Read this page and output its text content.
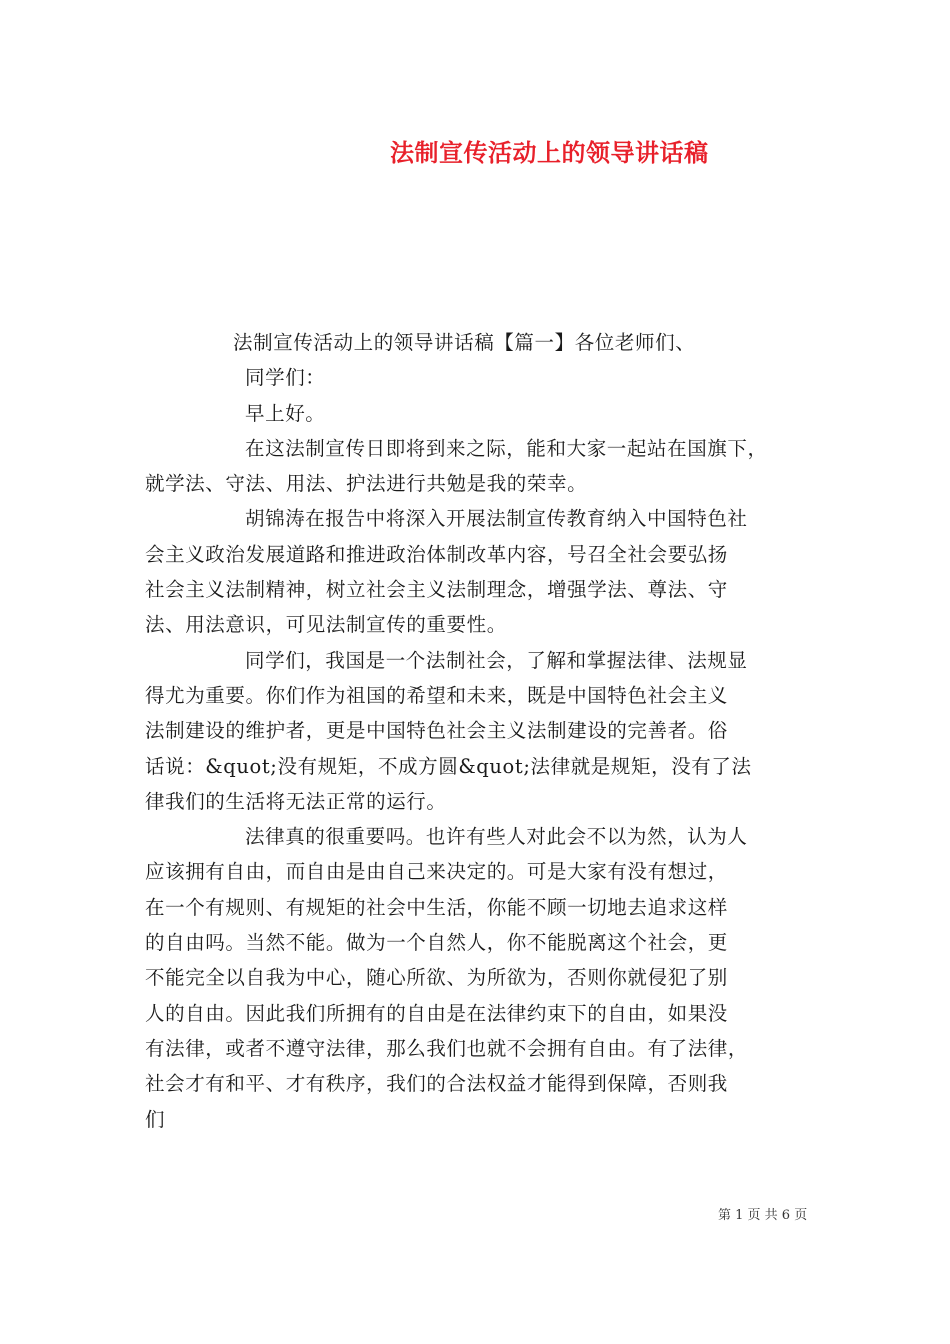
法制宣传活动上的领导讲话稿
法制宣传活动上的领导讲话稿【篇一】各位老师们、
同学们：
早上好。
在这法制宣传日即将到来之际，能和大家一起站在国旗下，
就学法、守法、用法、护法进行共勉是我的荣幸。
胡锦涛在报告中将深入开展法制宣传教育纳入中国特色社
会主义政治发展道路和推进政治体制改革内容，号召全社会要弘扬
社会主义法制精神，树立社会主义法制理念，增强学法、尊法、守
法、用法意识，可见法制宣传的重要性。
同学们，我国是一个法制社会，了解和掌握法律、法规显
得尤为重要。你们作为祖国的希望和未来，既是中国特色社会主义
法制建设的维护者，更是中国特色社会主义法制建设的完善者。俗
话说：&quot;没有规矩，不成方圆&quot;法律就是规矩，没有了法
律我们的生活将无法正常的运行。
法律真的很重要吗。也许有些人对此会不以为然，认为人
应该拥有自由，而自由是由自己来决定的。可是大家有没有想过，
在一个有规则、有规矩的社会中生活，你能不顾一切地去追求这样
的自由吗。当然不能。做为一个自然人，你不能脱离这个社会，更
不能完全以自我为中心，随心所欲、为所欲为，否则你就侵犯了别
人的自由。因此我们所拥有的自由是在法律约束下的自由，如果没
有法律，或者不遵守法律，那么我们也就不会拥有自由。有了法律，
社会才有和平、才有秩序，我们的合法权益才能得到保障，否则我
们
第 1 页 共 6 页
